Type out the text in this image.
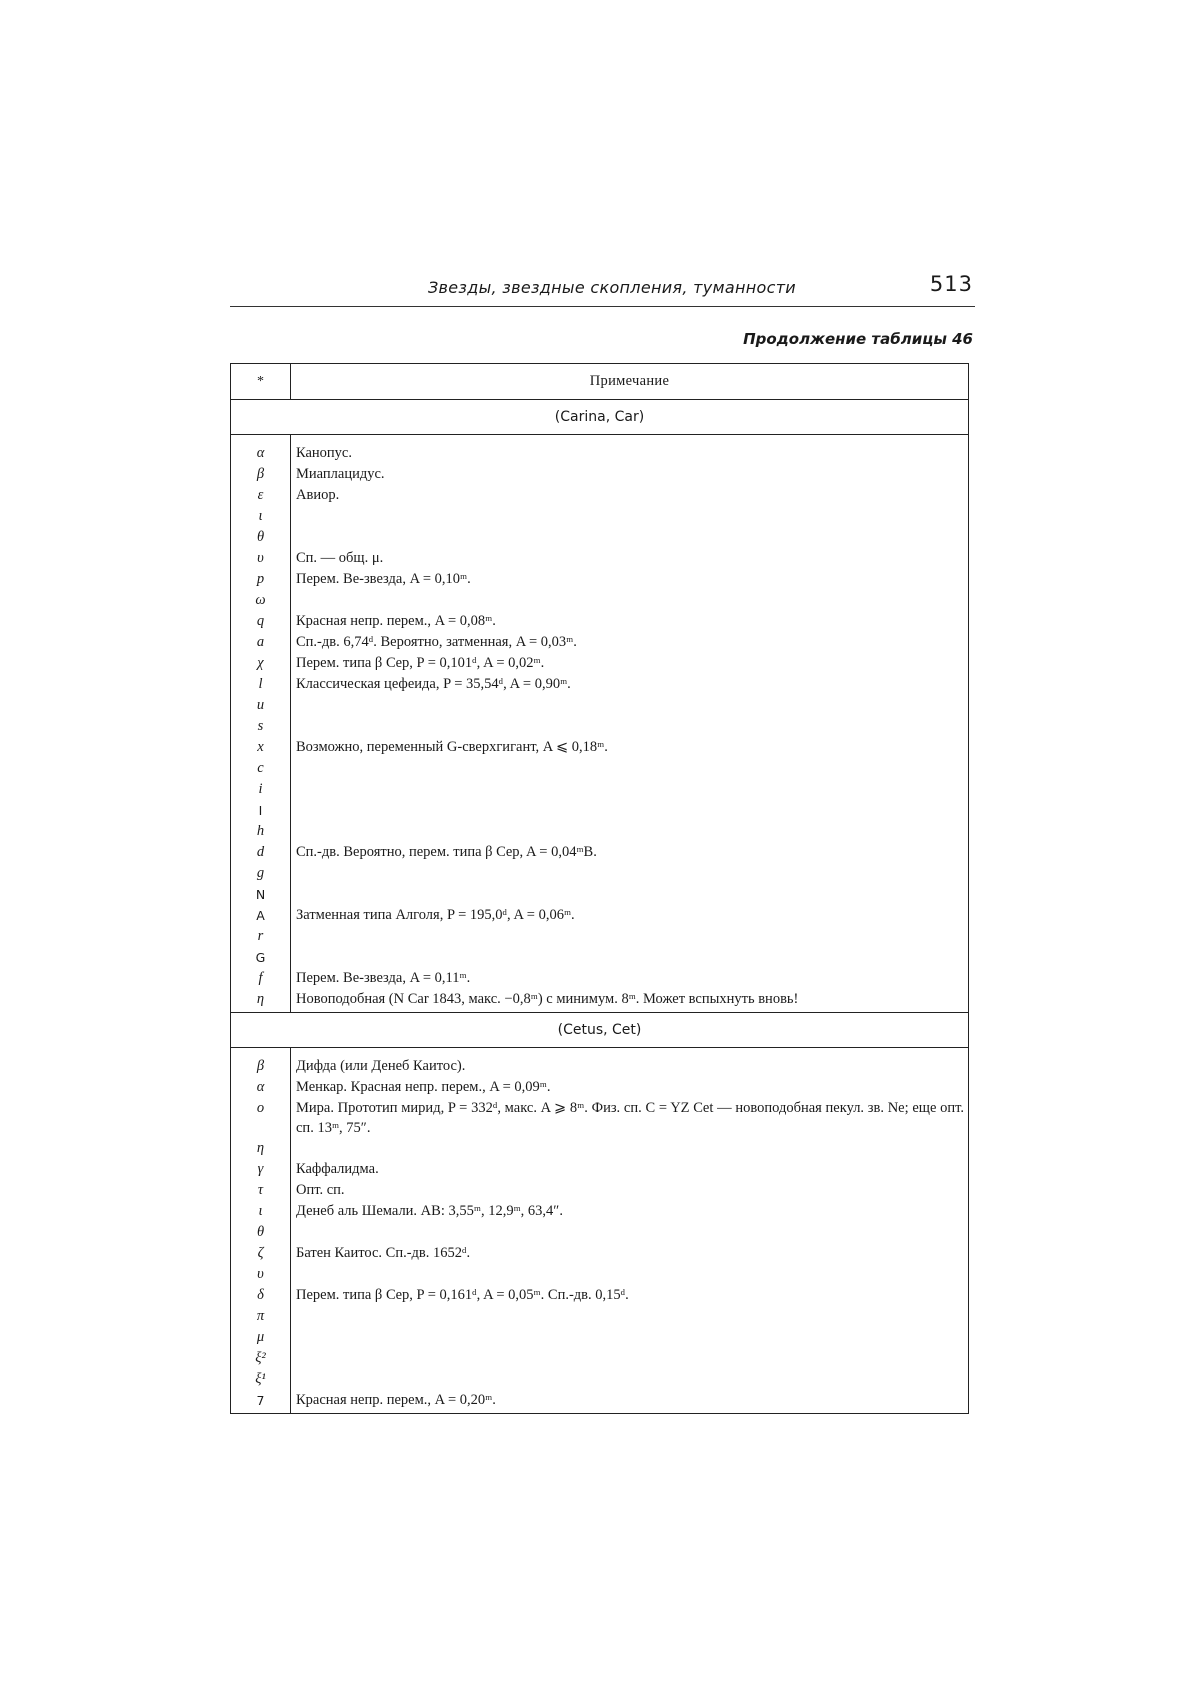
Звезды, звездные скопления, туманности	513
Продолжение таблицы 46
*	Примечание
(Carina, Car)
α	Канопус.
β	Миаплацидус.
ε	Авиор.
ι
θ
υ	Сп. — общ. μ.
p	Перем. Ве-звезда, A = 0,10ᵐ.
ω
q	Красная непр. перем., A = 0,08ᵐ.
a	Сп.-дв. 6,74ᵈ. Вероятно, затменная, A = 0,03ᵐ.
χ	Перем. типа β Cep, P = 0,101ᵈ, A = 0,02ᵐ.
l	Классическая цефеида, P = 35,54ᵈ, A = 0,90ᵐ.
u
s
x	Возможно, переменный G-сверхгигант, A ⩽ 0,18ᵐ.
c
i
I
h
d	Сп.-дв. Вероятно, перем. типа β Cep, A = 0,04ᵐB.
g
N
A	Затменная типа Алголя, P = 195,0ᵈ, A = 0,06ᵐ.
r
G
f	Перем. Ве-звезда, A = 0,11ᵐ.
η	Новоподобная (N Car 1843, макс. −0,8ᵐ) с минимум. 8ᵐ. Может вспыхнуть вновь!
(Cetus, Cet)
β	Дифда (или Денеб Каитос).
α	Менкар. Красная непр. перем., A = 0,09ᵐ.
o	Мира. Прототип мирид, P = 332ᵈ, макс. A ⩾ 8ᵐ. Физ. сп. C = YZ Cet — новоподобная пекул. зв. Ne; еще опт. сп. 13ᵐ, 75″.
η
γ	Каффалидма.
τ	Опт. сп.
ι	Денеб аль Шемали. AB: 3,55ᵐ, 12,9ᵐ, 63,4″.
θ
ζ	Батен Каитос. Сп.-дв. 1652ᵈ.
υ
δ	Перем. типа β Cep, P = 0,161ᵈ, A = 0,05ᵐ. Сп.-дв. 0,15ᵈ.
π
μ
ξ²
ξ¹
7	Красная непр. перем., A = 0,20ᵐ.
